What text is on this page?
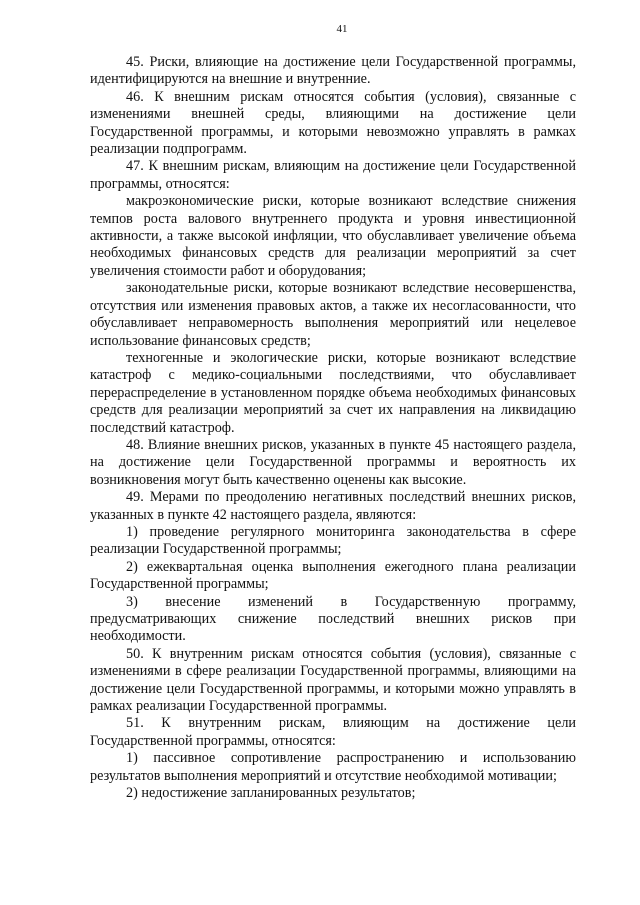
41

45. Риски, влияющие на достижение цели Государственной программы, идентифицируются на внешние и внутренние.

46. К внешним рискам относятся события (условия), связанные с изменениями внешней среды, влияющими на достижение цели Государственной программы, и которыми невозможно управлять в рамках реализации подпрограмм.

47. К внешним рискам, влияющим на достижение цели Государственной программы, относятся:

макроэкономические риски, которые возникают вследствие снижения темпов роста валового внутреннего продукта и уровня инвестиционной активности, а также высокой инфляции, что обуславливает увеличение объема необходимых финансовых средств для реализации мероприятий за счет увеличения стоимости работ и оборудования;

законодательные риски, которые возникают вследствие несовершенства, отсутствия или изменения правовых актов, а также их несогласованности, что обуславливает неправомерность выполнения мероприятий или нецелевое использование финансовых средств;

техногенные и экологические риски, которые возникают вследствие катастроф с медико-социальными последствиями, что обуславливает перераспределение в установленном порядке объема необходимых финансовых средств для реализации мероприятий за счет их направления на ликвидацию последствий катастроф.

48. Влияние внешних рисков, указанных в пункте 45 настоящего раздела, на достижение цели Государственной программы и вероятность их возникновения могут быть качественно оценены как высокие.

49. Мерами по преодолению негативных последствий внешних рисков, указанных в пункте 42 настоящего раздела, являются:

1) проведение регулярного мониторинга законодательства в сфере реализации Государственной программы;

2) ежеквартальная оценка выполнения ежегодного плана реализации Государственной программы;

3) внесение изменений в Государственную программу, предусматривающих снижение последствий внешних рисков при необходимости.

50. К внутренним рискам относятся события (условия), связанные с изменениями в сфере реализации Государственной программы, влияющими на достижение цели Государственной программы, и которыми можно управлять в рамках реализации Государственной программы.

51. К внутренним рискам, влияющим на достижение цели Государственной программы, относятся:

1) пассивное сопротивление распространению и использованию результатов выполнения мероприятий и отсутствие необходимой мотивации;

2) недостижение запланированных результатов;
